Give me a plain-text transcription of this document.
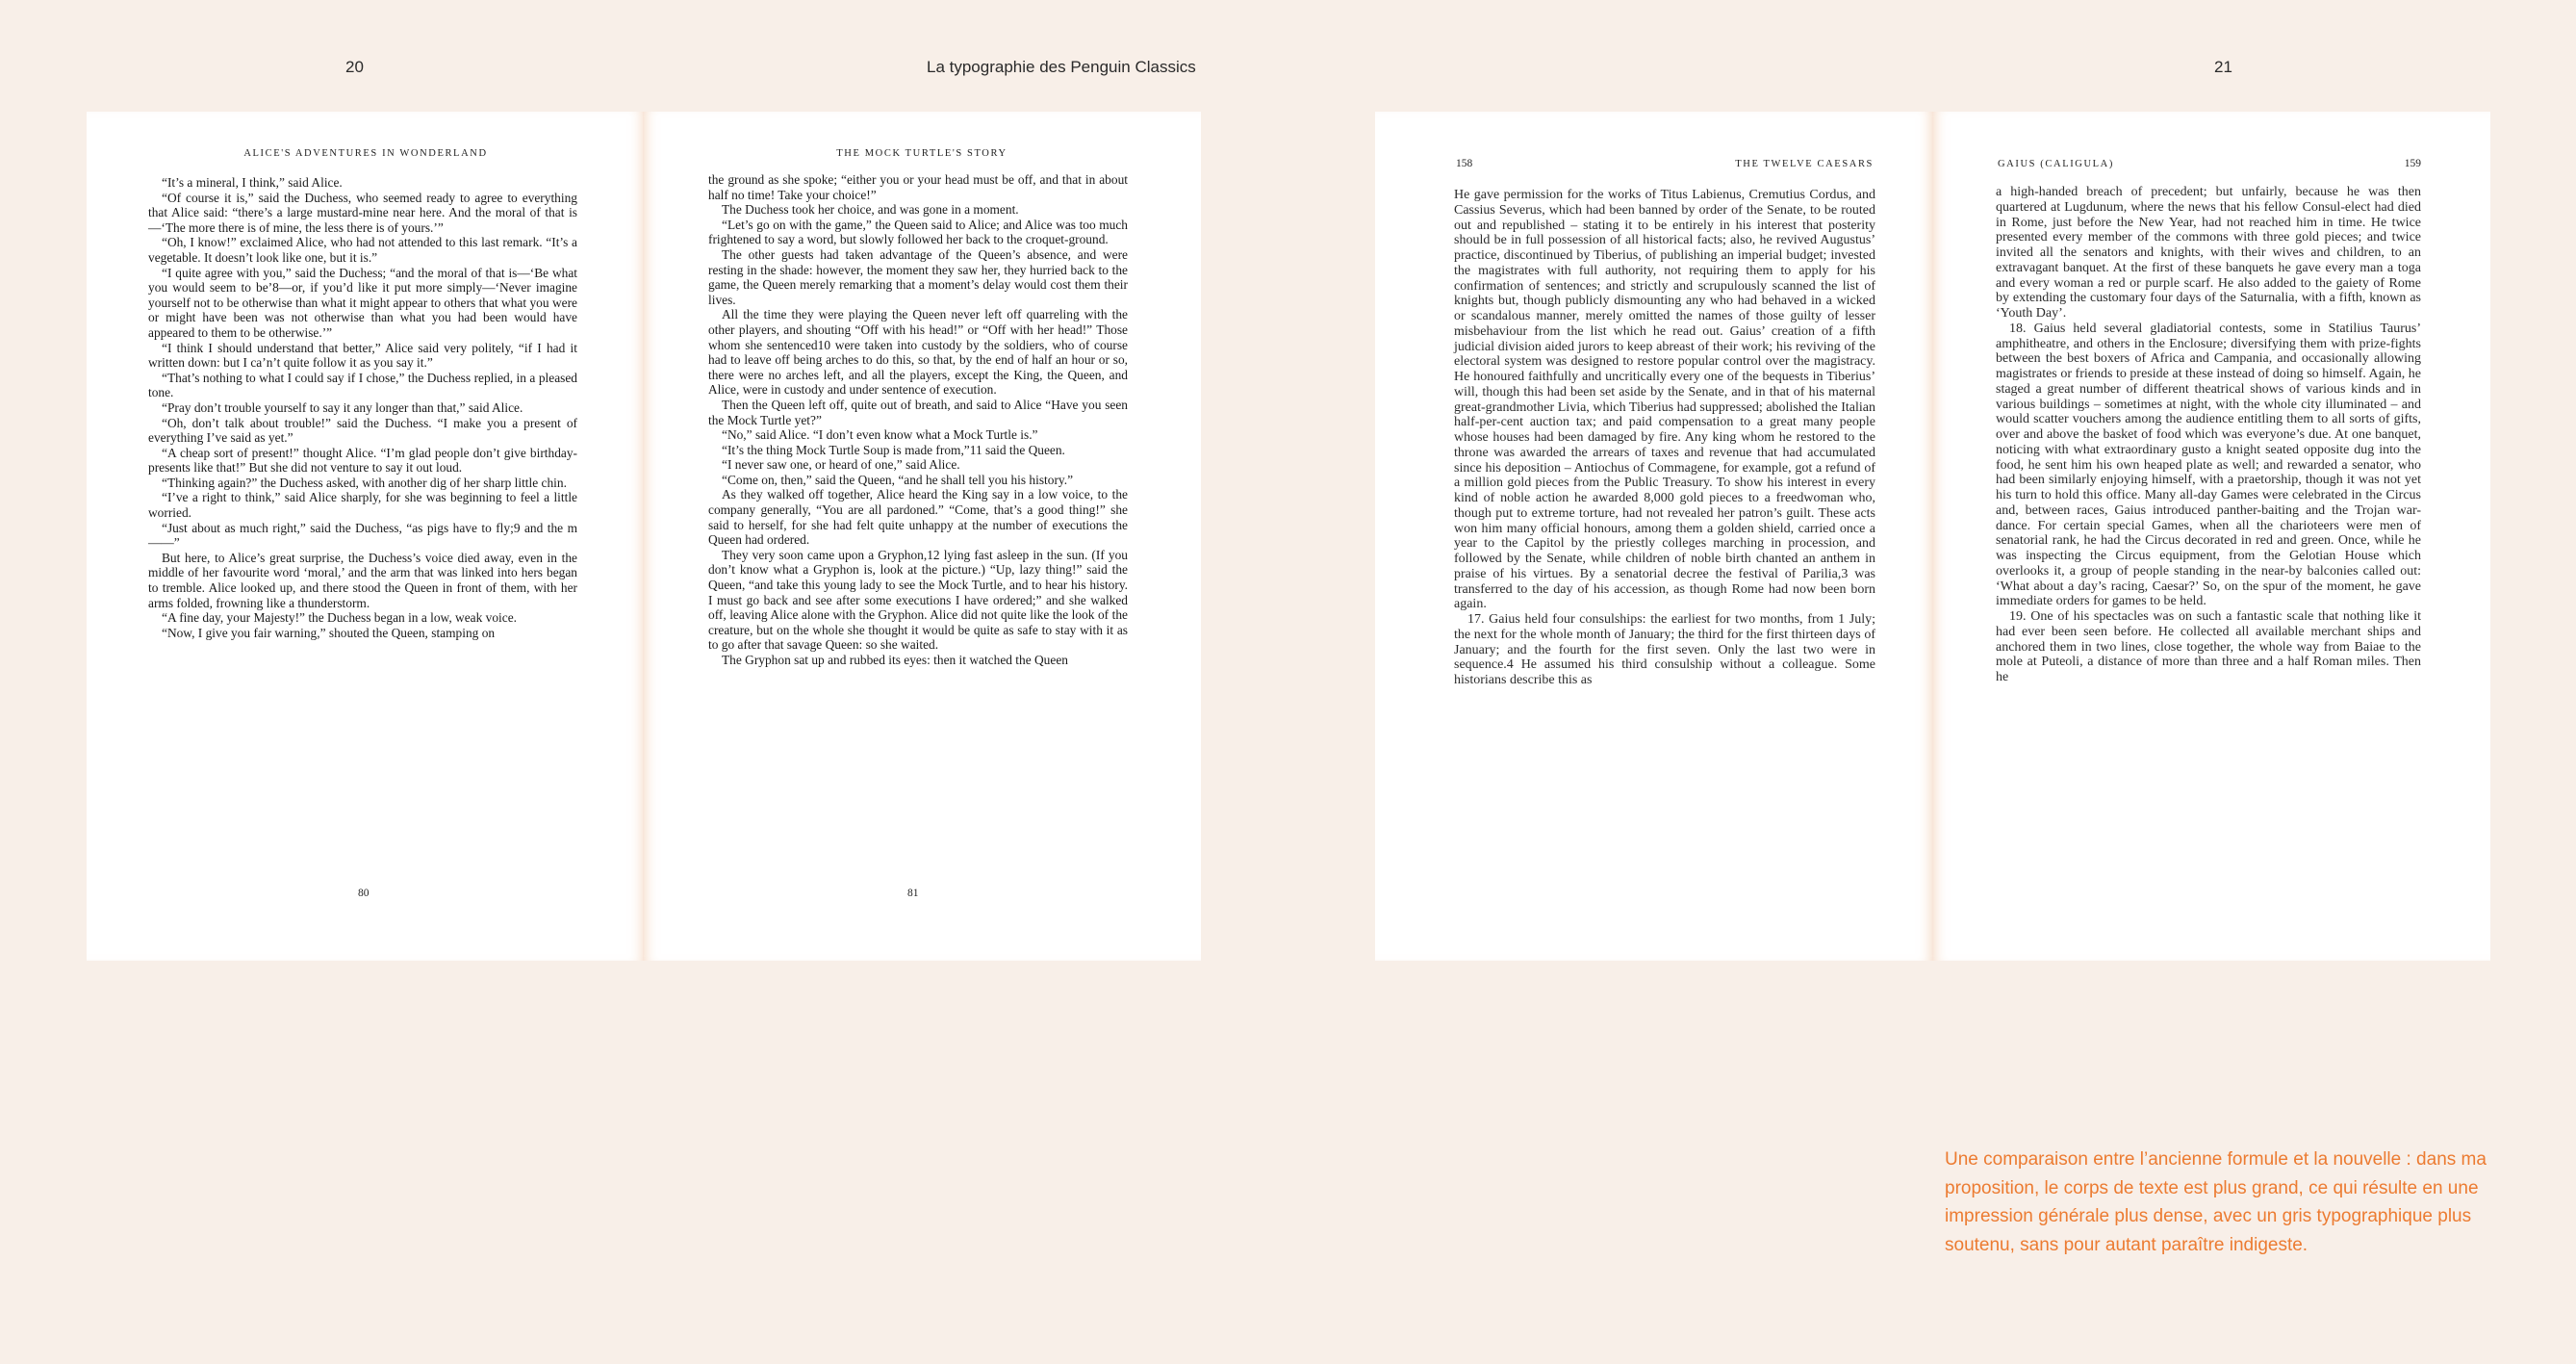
20	La typographie des Penguin Classics	21
ALICE'S ADVENTURES IN WONDERLAND

“It’s a mineral, I think,” said Alice.

“Of course it is,” said the Duchess, who seemed ready to agree to everything that Alice said: “there’s a large mustard-mine near here. And the moral of that is—‘The more there is of mine, the less there is of yours.’”

“Oh, I know!” exclaimed Alice, who had not attended to this last remark. “It’s a vegetable. It doesn’t look like one, but it is.”

“I quite agree with you,” said the Duchess; “and the moral of that is—‘Be what you would seem to be’8—or, if you’d like it put more simply—‘Never imagine yourself not to be otherwise than what it might appear to others that what you were or might have been was not otherwise than what you had been would have appeared to them to be otherwise.’”

“I think I should understand that better,” Alice said very politely, “if I had it written down: but I ca’n’t quite follow it as you say it.”

“That’s nothing to what I could say if I chose,” the Duchess replied, in a pleased tone.

“Pray don’t trouble yourself to say it any longer than that,” said Alice.

“Oh, don’t talk about trouble!” said the Duchess. “I make you a present of everything I’ve said as yet.”

“A cheap sort of present!” thought Alice. “I’m glad people don’t give birthday-presents like that!” But she did not venture to say it out loud.

“Thinking again?” the Duchess asked, with another dig of her sharp little chin.

“I’ve a right to think,” said Alice sharply, for she was beginning to feel a little worried.

“Just about as much right,” said the Duchess, “as pigs have to fly;9 and the m——”

But here, to Alice’s great surprise, the Duchess’s voice died away, even in the middle of her favourite word ‘moral,’ and the arm that was linked into hers began to tremble. Alice looked up, and there stood the Queen in front of them, with her arms folded, frowning like a thunderstorm.

“A fine day, your Majesty!” the Duchess began in a low, weak voice.

“Now, I give you fair warning,” shouted the Queen, stamping on

80
THE MOCK TURTLE'S STORY

the ground as she spoke; “either you or your head must be off, and that in about half no time! Take your choice!”

The Duchess took her choice, and was gone in a moment.

“Let’s go on with the game,” the Queen said to Alice; and Alice was too much frightened to say a word, but slowly followed her back to the croquet-ground.

The other guests had taken advantage of the Queen’s absence, and were resting in the shade: however, the moment they saw her, they hurried back to the game, the Queen merely remarking that a moment’s delay would cost them their lives.

All the time they were playing the Queen never left off quarreling with the other players, and shouting “Off with his head!” or “Off with her head!” Those whom she sentenced10 were taken into custody by the soldiers, who of course had to leave off being arches to do this, so that, by the end of half an hour or so, there were no arches left, and all the players, except the King, the Queen, and Alice, were in custody and under sentence of execution.

Then the Queen left off, quite out of breath, and said to Alice “Have you seen the Mock Turtle yet?”

“No,” said Alice. “I don’t even know what a Mock Turtle is.”

“It’s the thing Mock Turtle Soup is made from,”11 said the Queen.

“I never saw one, or heard of one,” said Alice.

“Come on, then,” said the Queen, “and he shall tell you his history.”

As they walked off together, Alice heard the King say in a low voice, to the company generally, “You are all pardoned.” “Come, that’s a good thing!” she said to herself, for she had felt quite unhappy at the number of executions the Queen had ordered.

They very soon came upon a Gryphon,12 lying fast asleep in the sun. (If you don’t know what a Gryphon is, look at the picture.) “Up, lazy thing!” said the Queen, “and take this young lady to see the Mock Turtle, and to hear his history. I must go back and see after some executions I have ordered;” and she walked off, leaving Alice alone with the Gryphon. Alice did not quite like the look of the creature, but on the whole she thought it would be quite as safe to stay with it as to go after that savage Queen: so she waited.

The Gryphon sat up and rubbed its eyes: then it watched the Queen

81
158	THE TWELVE CAESARS

He gave permission for the works of Titus Labienus, Cremutius Cordus, and Cassius Severus, which had been banned by order of the Senate, to be routed out and republished – stating it to be entirely in his interest that posterity should be in full possession of all historical facts; also, he revived Augustus’ practice, discontinued by Tiberius, of publishing an imperial budget; invested the magistrates with full authority, not requiring them to apply for his confirmation of sentences; and strictly and scrupulously scanned the list of knights but, though publicly dismounting any who had behaved in a wicked or scandalous manner, merely omitted the names of those guilty of lesser misbehaviour from the list which he read out. Gaius’ creation of a fifth judicial division aided jurors to keep abreast of their work; his reviving of the electoral system was designed to restore popular control over the magistracy. He honoured faithfully and uncritically every one of the bequests in Tiberius’ will, though this had been set aside by the Senate, and in that of his maternal great-grandmother Livia, which Tiberius had suppressed; abolished the Italian half-per-cent auction tax; and paid compensation to a great many people whose houses had been damaged by fire. Any king whom he restored to the throne was awarded the arrears of taxes and revenue that had accumulated since his deposition – Antiochus of Commagene, for example, got a refund of a million gold pieces from the Public Treasury. To show his interest in every kind of noble action he awarded 8,000 gold pieces to a freedwoman who, though put to extreme torture, had not revealed her patron’s guilt. These acts won him many official honours, among them a golden shield, carried once a year to the Capitol by the priestly colleges marching in procession, and followed by the Senate, while children of noble birth chanted an anthem in praise of his virtues. By a senatorial decree the festival of Parilia,3 was transferred to the day of his accession, as though Rome had now been born again.

17. Gaius held four consulships: the earliest for two months, from 1 July; the next for the whole month of January; the third for the first thirteen days of January; and the fourth for the first seven. Only the last two were in sequence.4 He assumed his third consulship without a colleague. Some historians describe this as

GAIUS (CALIGULA)	159

a high-handed breach of precedent; but unfairly, because he was then quartered at Lugdunum, where the news that his fellow Consul-elect had died in Rome, just before the New Year, had not reached him in time. He twice presented every member of the commons with three gold pieces; and twice invited all the senators and knights, with their wives and children, to an extravagant banquet. At the first of these banquets he gave every man a toga and every woman a red or purple scarf. He also added to the gaiety of Rome by extending the customary four days of the Saturnalia, with a fifth, known as ‘Youth Day’.

18. Gaius held several gladiatorial contests, some in Statilius Taurus’ amphitheatre, and others in the Enclosure; diversifying them with prize-fights between the best boxers of Africa and Campania, and occasionally allowing magistrates or friends to preside at these instead of doing so himself. Again, he staged a great number of different theatrical shows of various kinds and in various buildings – sometimes at night, with the whole city illuminated – and would scatter vouchers among the audience entitling them to all sorts of gifts, over and above the basket of food which was everyone’s due. At one banquet, noticing with what extraordinary gusto a knight seated opposite dug into the food, he sent him his own heaped plate as well; and rewarded a senator, who had been similarly enjoying himself, with a praetorship, though it was not yet his turn to hold this office. Many all-day Games were celebrated in the Circus and, between races, Gaius introduced panther-baiting and the Trojan war-dance. For certain special Games, when all the charioteers were men of senatorial rank, he had the Circus decorated in red and green. Once, while he was inspecting the Circus equipment, from the Gelotian House which overlooks it, a group of people standing in the near-by balconies called out: ‘What about a day’s racing, Caesar?’ So, on the spur of the moment, he gave immediate orders for games to be held.

19. One of his spectacles was on such a fantastic scale that nothing like it had ever been seen before. He collected all available merchant ships and anchored them in two lines, close together, the whole way from Baiae to the mole at Puteoli, a distance of more than three and a half Roman miles. Then he

Une comparaison entre l’ancienne formule et la nouvelle : dans ma proposition, le corps de texte est plus grand, ce qui résulte en une impression générale plus dense, avec un gris typographique plus soutenu, sans pour autant paraître indigeste.
